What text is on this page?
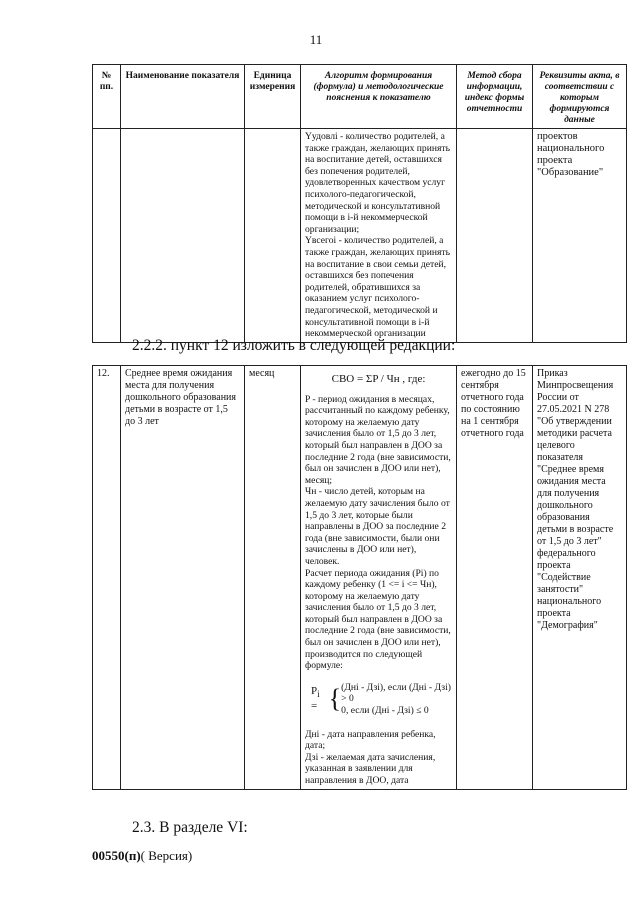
11
№ пп.	Наименование показателя	Единица измерения	Алгоритм формирования (формула) и методологические пояснения к показателю	Метод сбора информации, индекс формы отчетности	Реквизиты акта, в соответствии с которым формируются данные
			Yудовлi - количество родителей, а также граждан, желающих принять на воспитание детей, оставшихся без попечения родителей, удовлетворенных качеством услуг психолого-педагогической, методической и консультативной помощи в i-й некоммерческой организации;
Yвсегоi - количество родителей, а также граждан, желающих принять на воспитание в свои семьи детей, оставшихся без попечения родителей, обратившихся за оказанием услуг психолого-педагогической, методической и консультативной помощи в i-й некоммерческой организации		проектов национального проекта "Образование"
2.2.2. пункт 12 изложить в следующей редакции:
12.	Среднее время ожидания места для получения дошкольного образования детьми в возрасте от 1,5 до 3 лет	месяц	СВО = ΣP / Чн , где:
P - период ожидания в месяцах, рассчитанный по каждому ребенку, которому на желаемую дату зачисления было от 1,5 до 3 лет, который был направлен в ДОО за последние 2 года (вне зависимости, был он зачислен в ДОО или нет), месяц;
Чн - число детей, которым на желаемую дату зачисления было от 1,5 до 3 лет, которые были направлены в ДОО за последние 2 года (вне зависимости, были они зачислены в ДОО или нет), человек.
Расчет периода ожидания (Pi) по каждому ребенку (1 <= i <= Чн), которому на желаемую дату зачисления было от 1,5 до 3 лет, который был направлен в ДОО за последние 2 года (вне зависимости, был он зачислен в ДОО или нет), производится по следующей формуле:
$P_i$ = { (Днi - Дзi), если (Днi - Дзi) > 0
0, если (Днi - Дзi) ≤ 0
Днi - дата направления ребенка, дата;
Дзi - желаемая дата зачисления, указанная в заявлении для направления в ДОО, дата
	ежегодно до 15 сентября отчетного года по состоянию на 1 сентября отчетного года	Приказ Минпросвещения России от 27.05.2021 N 278 "Об утверждении методики расчета целевого показателя "Среднее время ожидания места для получения дошкольного образования детьми в возрасте от 1,5 до 3 лет" федерального проекта "Содействие занятости" национального проекта "Демография"
2.3. В разделе VI:
00550(п)( Версия)
